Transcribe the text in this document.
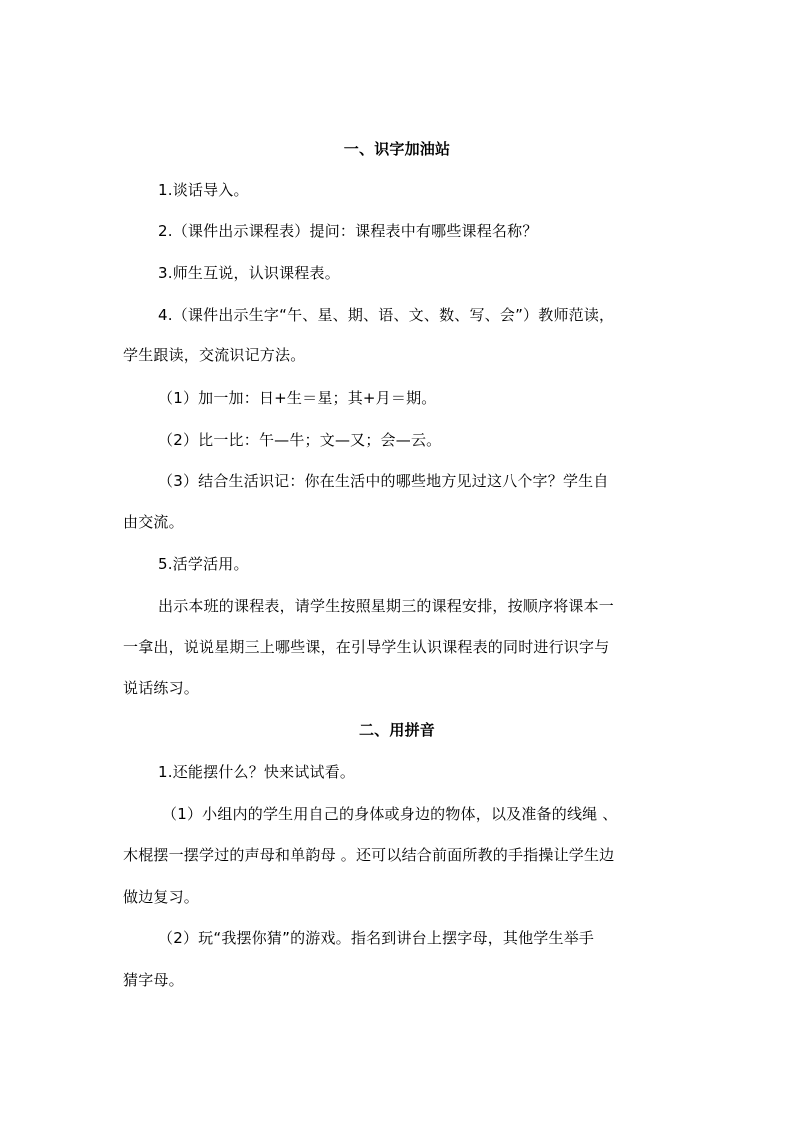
一、识字加油站
1.谈话导入。
2.（课件出示课程表）提问：课程表中有哪些课程名称？
3.师生互说，认识课程表。
4.（课件出示生字“午、星、期、语、文、数、写、会”）教师范读，
学生跟读，交流识记方法。
（1）加一加：日+生＝星；其+月＝期。
（2）比一比：午—牛；文—又；会—云。
（3）结合生活识记：你在生活中的哪些地方见过这八个字？学生自
由交流。
5.活学活用。
出示本班的课程表，请学生按照星期三的课程安排，按顺序将课本一
一拿出，说说星期三上哪些课，在引导学生认识课程表的同时进行识字与
说话练习。
二、用拼音
1.还能摆什么？快来试试看。
（1）小组内的学生用自己的身体或身边的物体，以及准备的线绳 、
木棍摆一摆学过的声母和单韵母 。还可以结合前面所教的手指操让学生边
做边复习。
（2）玩“我摆你猜”的游戏。指名到讲台上摆字母，其他学生举手
猜字母。
